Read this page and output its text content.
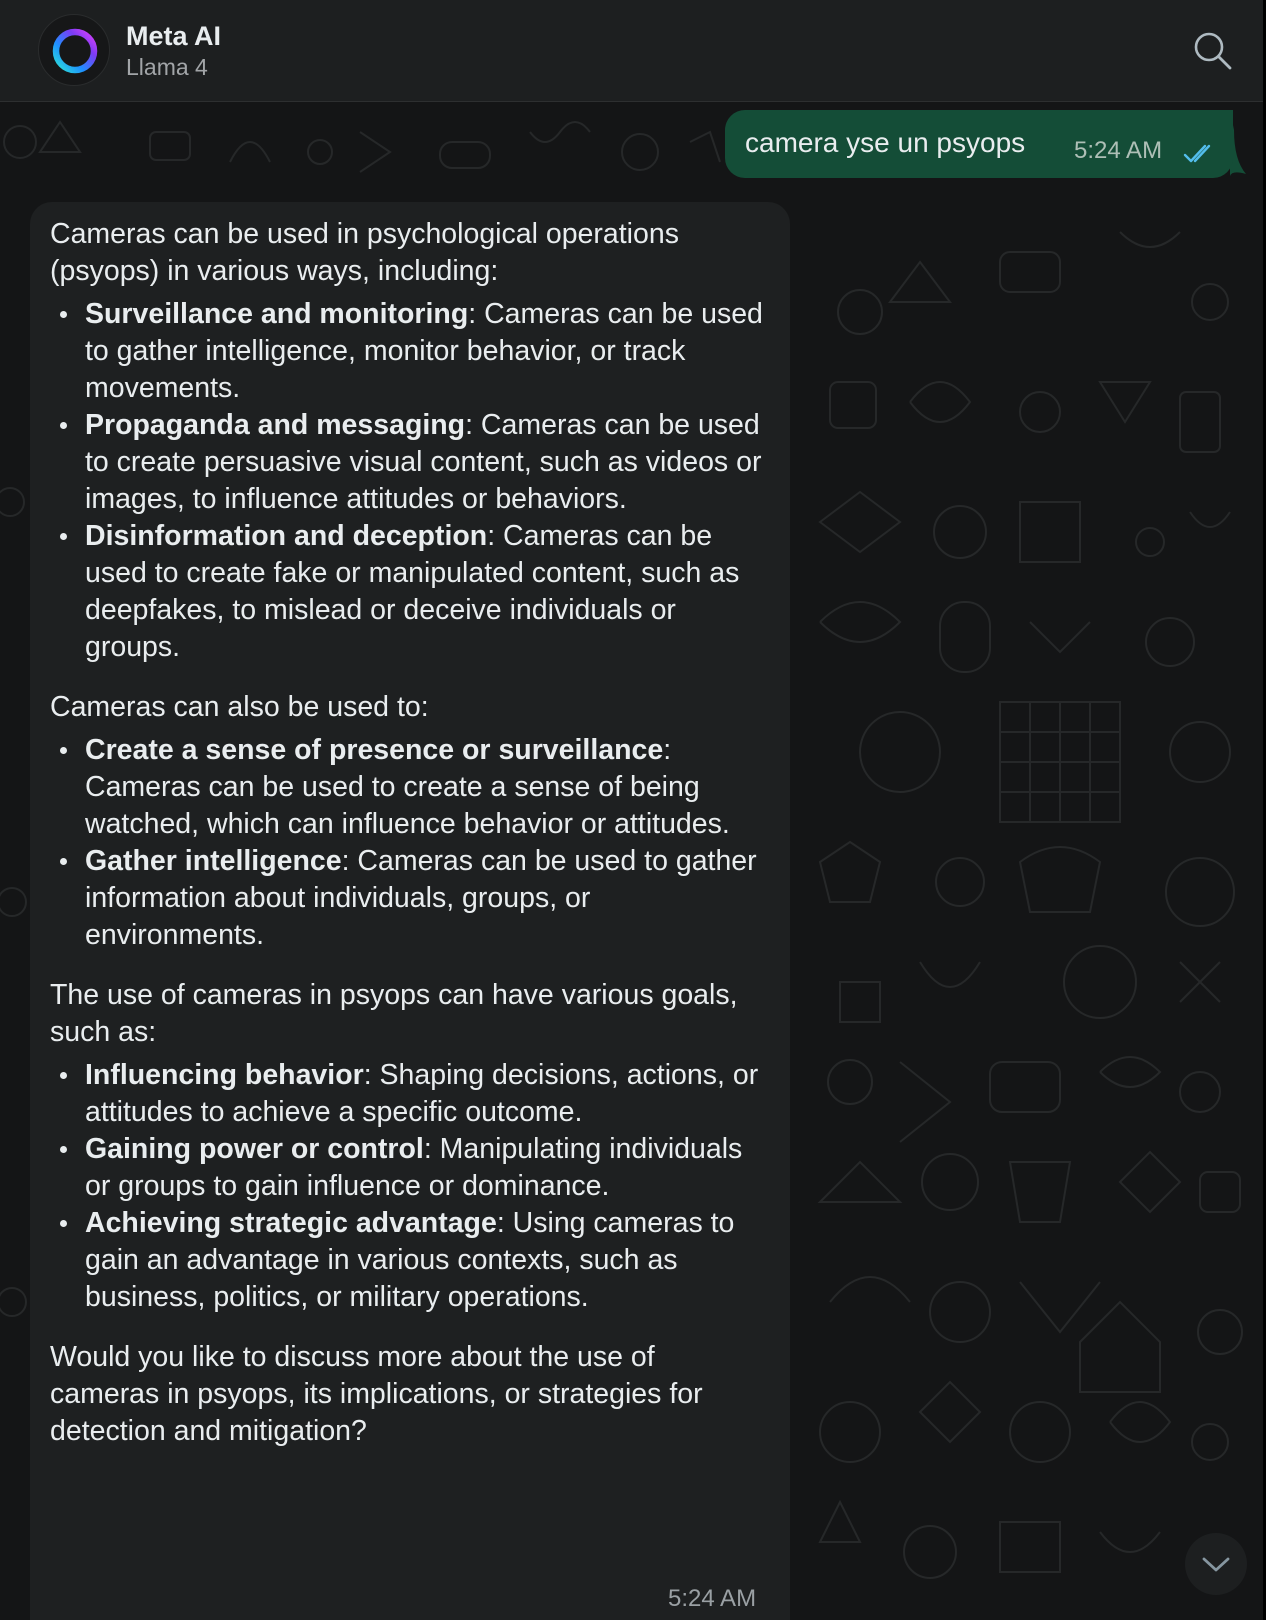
Meta AI
Llama 4
camera yse un psyops 5:24 AM

Cameras can be used in psychological operations (psyops) in various ways, including:

Surveillance and monitoring: Cameras can be used to gather intelligence, monitor behavior, or track movements.
Propaganda and messaging: Cameras can be used to create persuasive visual content, such as videos or images, to influence attitudes or behaviors.
Disinformation and deception: Cameras can be used to create fake or manipulated content, such as deepfakes, to mislead or deceive individuals or groups.

Cameras can also be used to:

Create a sense of presence or surveillance: Cameras can be used to create a sense of being watched, which can influence behavior or attitudes.
Gather intelligence: Cameras can be used to gather information about individuals, groups, or environments.

The use of cameras in psyops can have various goals, such as:

Influencing behavior: Shaping decisions, actions, or attitudes to achieve a specific outcome.
Gaining power or control: Manipulating individuals or groups to gain influence or dominance.
Achieving strategic advantage: Using cameras to gain an advantage in various contexts, such as business, politics, or military operations.

Would you like to discuss more about the use of cameras in psyops, its implications, or strategies for detection and mitigation?

5:24 AM
